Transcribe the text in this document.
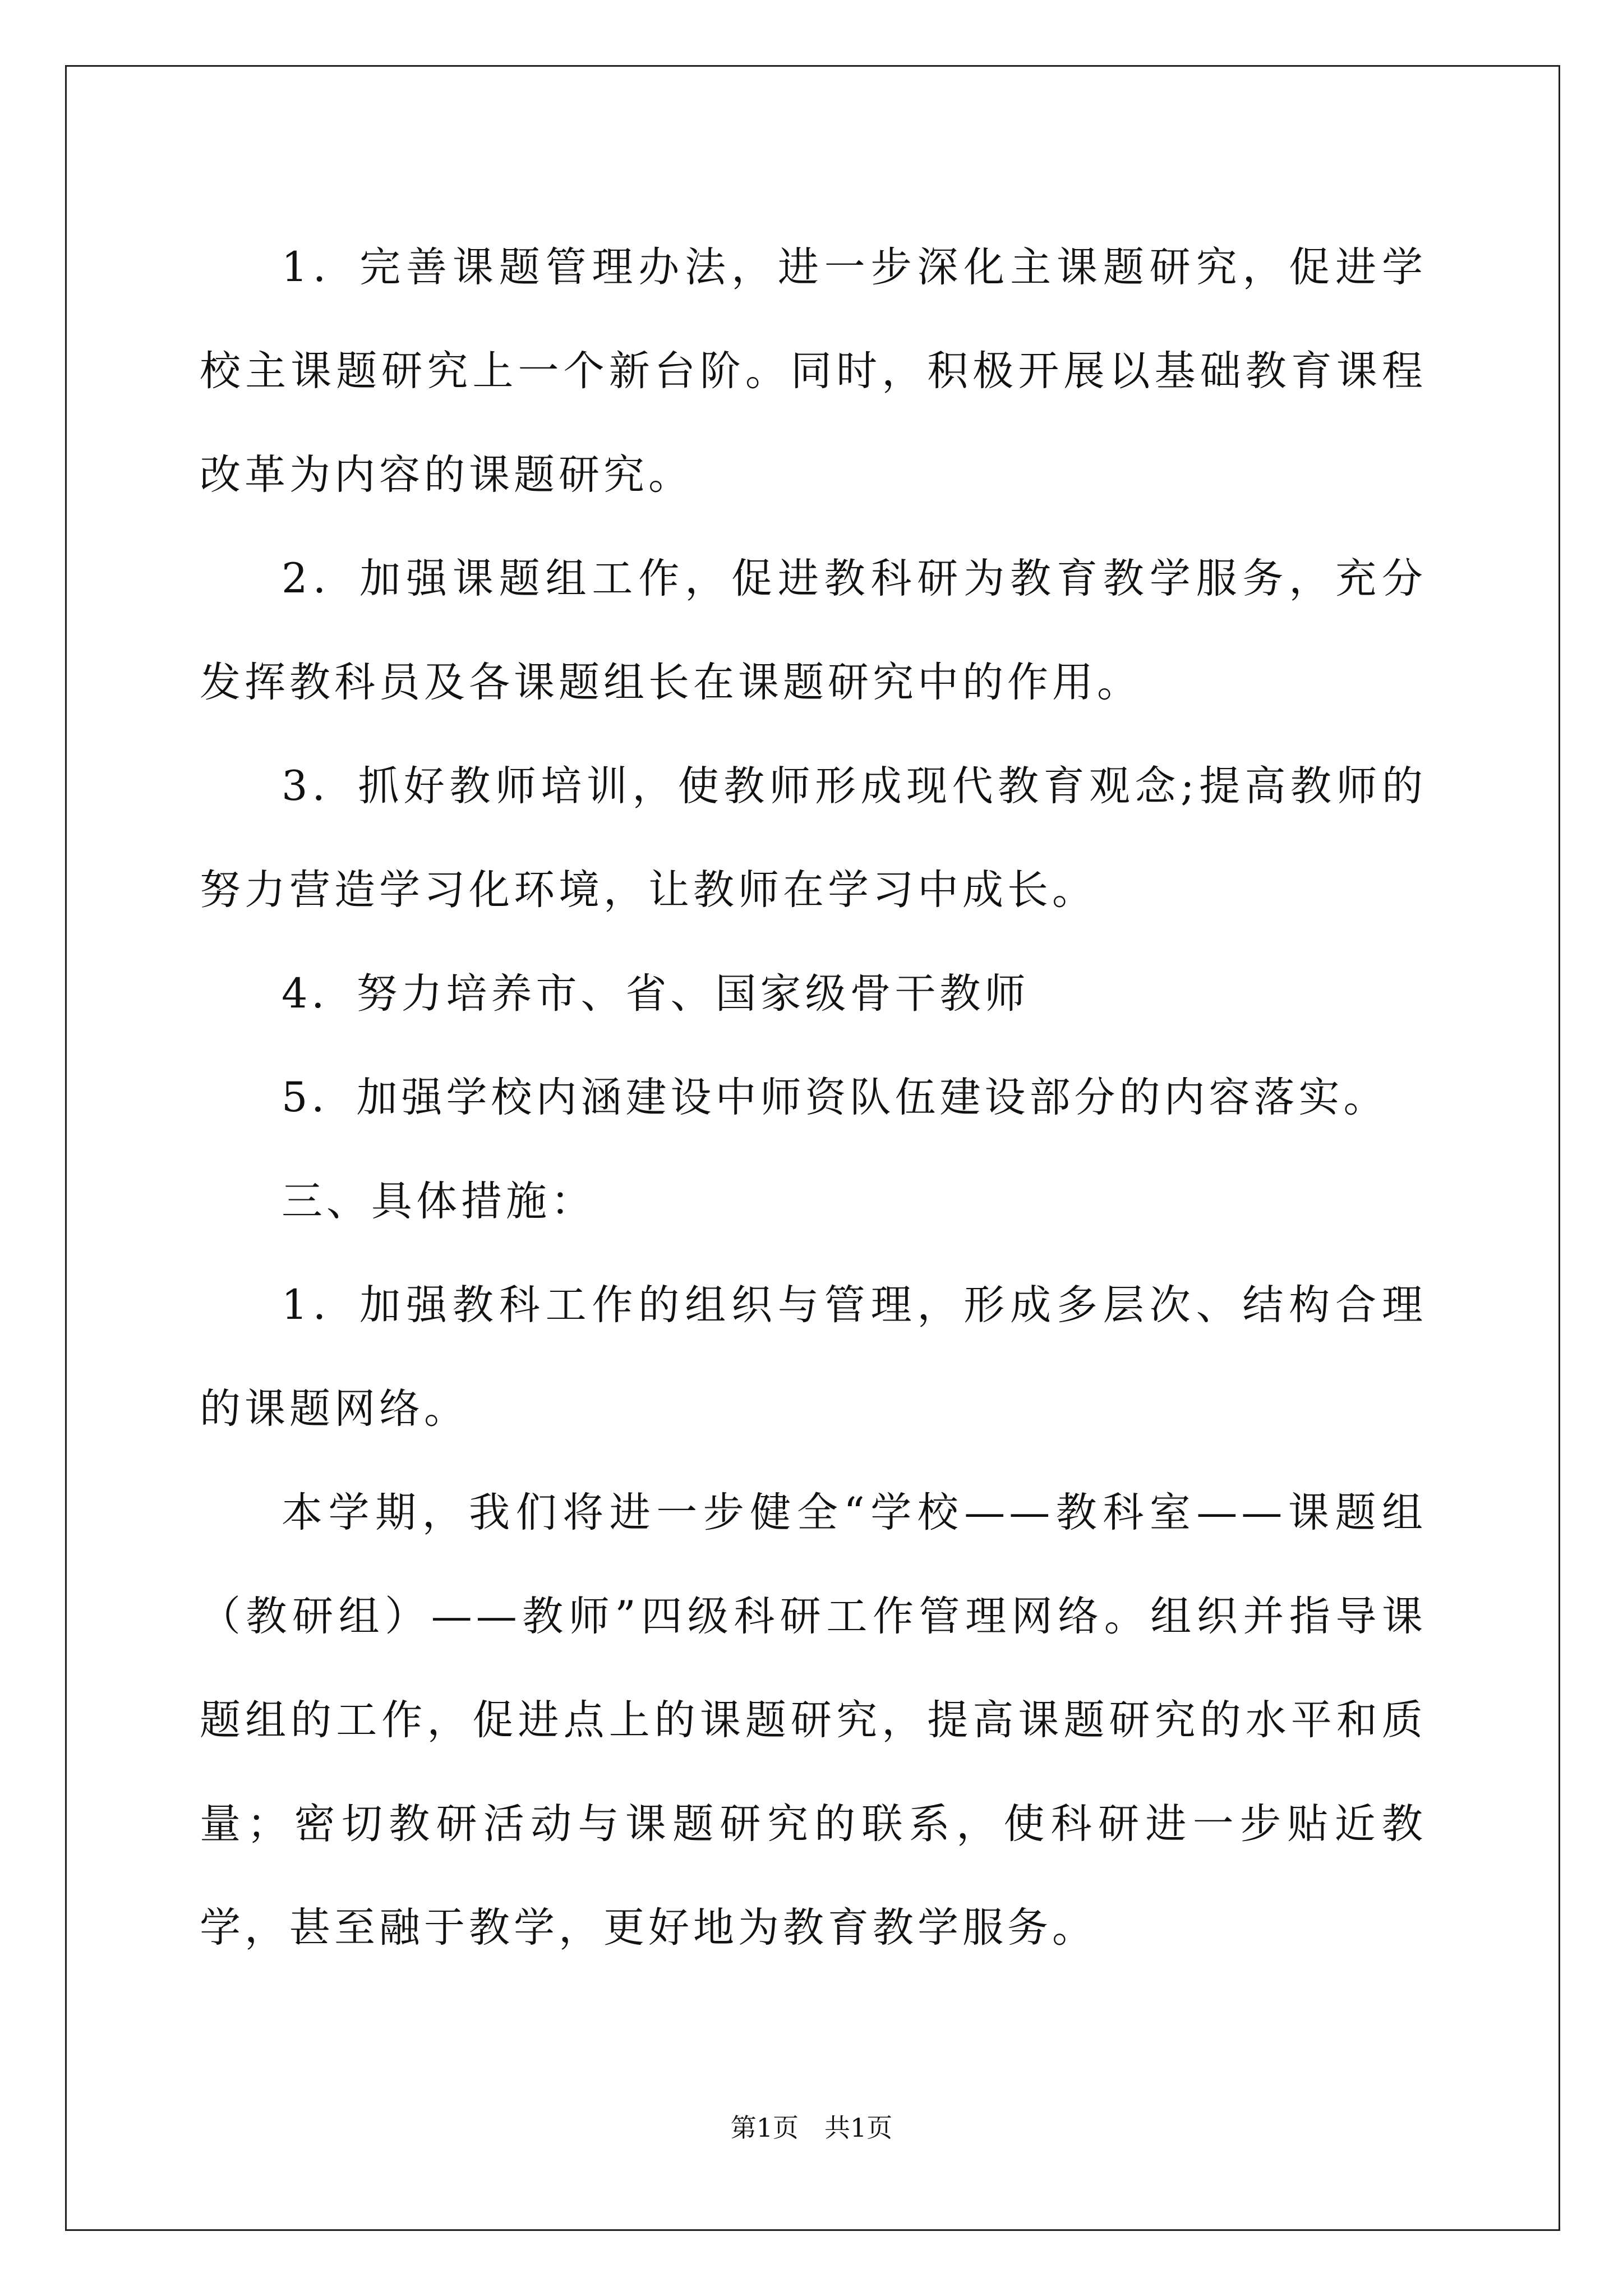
1．完善课题管理办法，进一步深化主课题研究，促进学校主课题研究上一个新台阶。同时，积极开展以基础教育课程改革为内容的课题研究。

2．加强课题组工作，促进教科研为教育教学服务，充分发挥教科员及各课题组长在课题研究中的作用。

3．抓好教师培训，使教师形成现代教育观念;提高教师的努力营造学习化环境，让教师在学习中成长。

4．努力培养市、省、国家级骨干教师

5．加强学校内涵建设中师资队伍建设部分的内容落实。

三、具体措施：

1．加强教科工作的组织与管理，形成多层次、结构合理的课题网络。

本学期，我们将进一步健全“学校——教科室——课题组（教研组）——教师”四级科研工作管理网络。组织并指导课题组的工作，促进点上的课题研究，提高课题研究的水平和质量；密切教研活动与课题研究的联系，使科研进一步贴近教学，甚至融于教学，更好地为教育教学服务。

第1页　共1页
